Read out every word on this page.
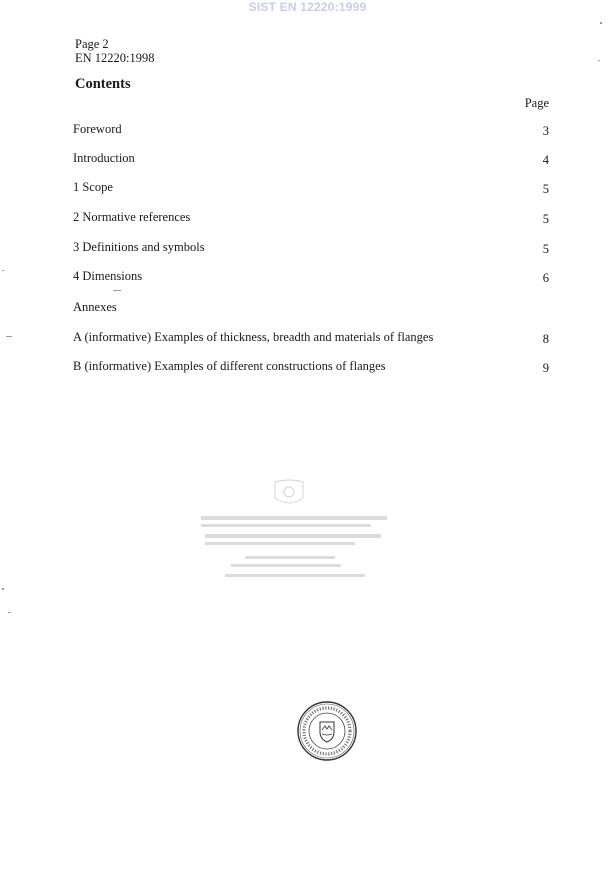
SIST EN 12220:1999
Page 2
EN 12220:1998
Contents
Page
Foreword	3
Introduction	4
1 Scope	5
2 Normative references	5
3 Definitions and symbols	5
4 Dimensions	6
Annexes
A (informative) Examples of thickness, breadth and materials of flanges	8
B (informative) Examples of different constructions of flanges	9
